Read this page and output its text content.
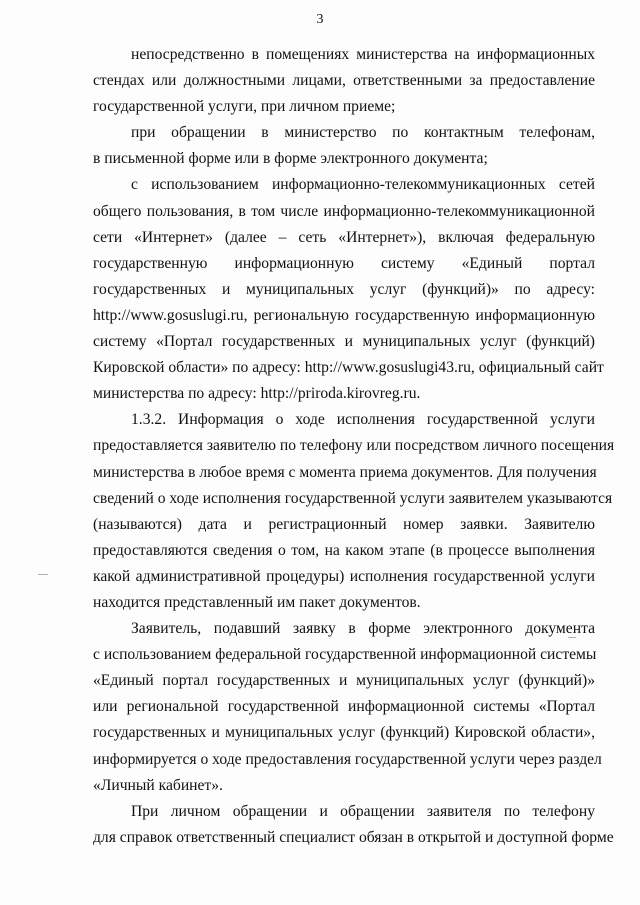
3
непосредственно в помещениях министерства на информационных
стендах или должностными лицами, ответственными за предоставление
государственной услуги, при личном приеме;
при обращении в министерство по контактным телефонам,
в письменной форме или в форме электронного документа;
с использованием информационно-телекоммуникационных сетей
общего пользования, в том числе информационно-телекоммуникационной
сети «Интернет» (далее – сеть «Интернет»), включая федеральную
государственную информационную систему «Единый портал
государственных и муниципальных услуг (функций)» по адресу:
http://www.gosuslugi.ru, региональную государственную информационную
систему «Портал государственных и муниципальных услуг (функций)
Кировской области» по адресу: http://www.gosuslugi43.ru, официальный сайт
министерства по адресу: http://priroda.kirovreg.ru.
1.3.2. Информация о ходе исполнения государственной услуги
предоставляется заявителю по телефону или посредством личного посещения
министерства в любое время с момента приема документов. Для получения
сведений о ходе исполнения государственной услуги заявителем указываются
(называются) дата и регистрационный номер заявки. Заявителю
предоставляются сведения о том, на каком этапе (в процессе выполнения
какой административной процедуры) исполнения государственной услуги
находится представленный им пакет документов.
Заявитель, подавший заявку в форме электронного документа
с использованием федеральной государственной информационной системы
«Единый портал государственных и муниципальных услуг (функций)»
или региональной государственной информационной системы «Портал
государственных и муниципальных услуг (функций) Кировской области»,
информируется о ходе предоставления государственной услуги через раздел
«Личный кабинет».
При личном обращении и обращении заявителя по телефону
для справок ответственный специалист обязан в открытой и доступной форме
